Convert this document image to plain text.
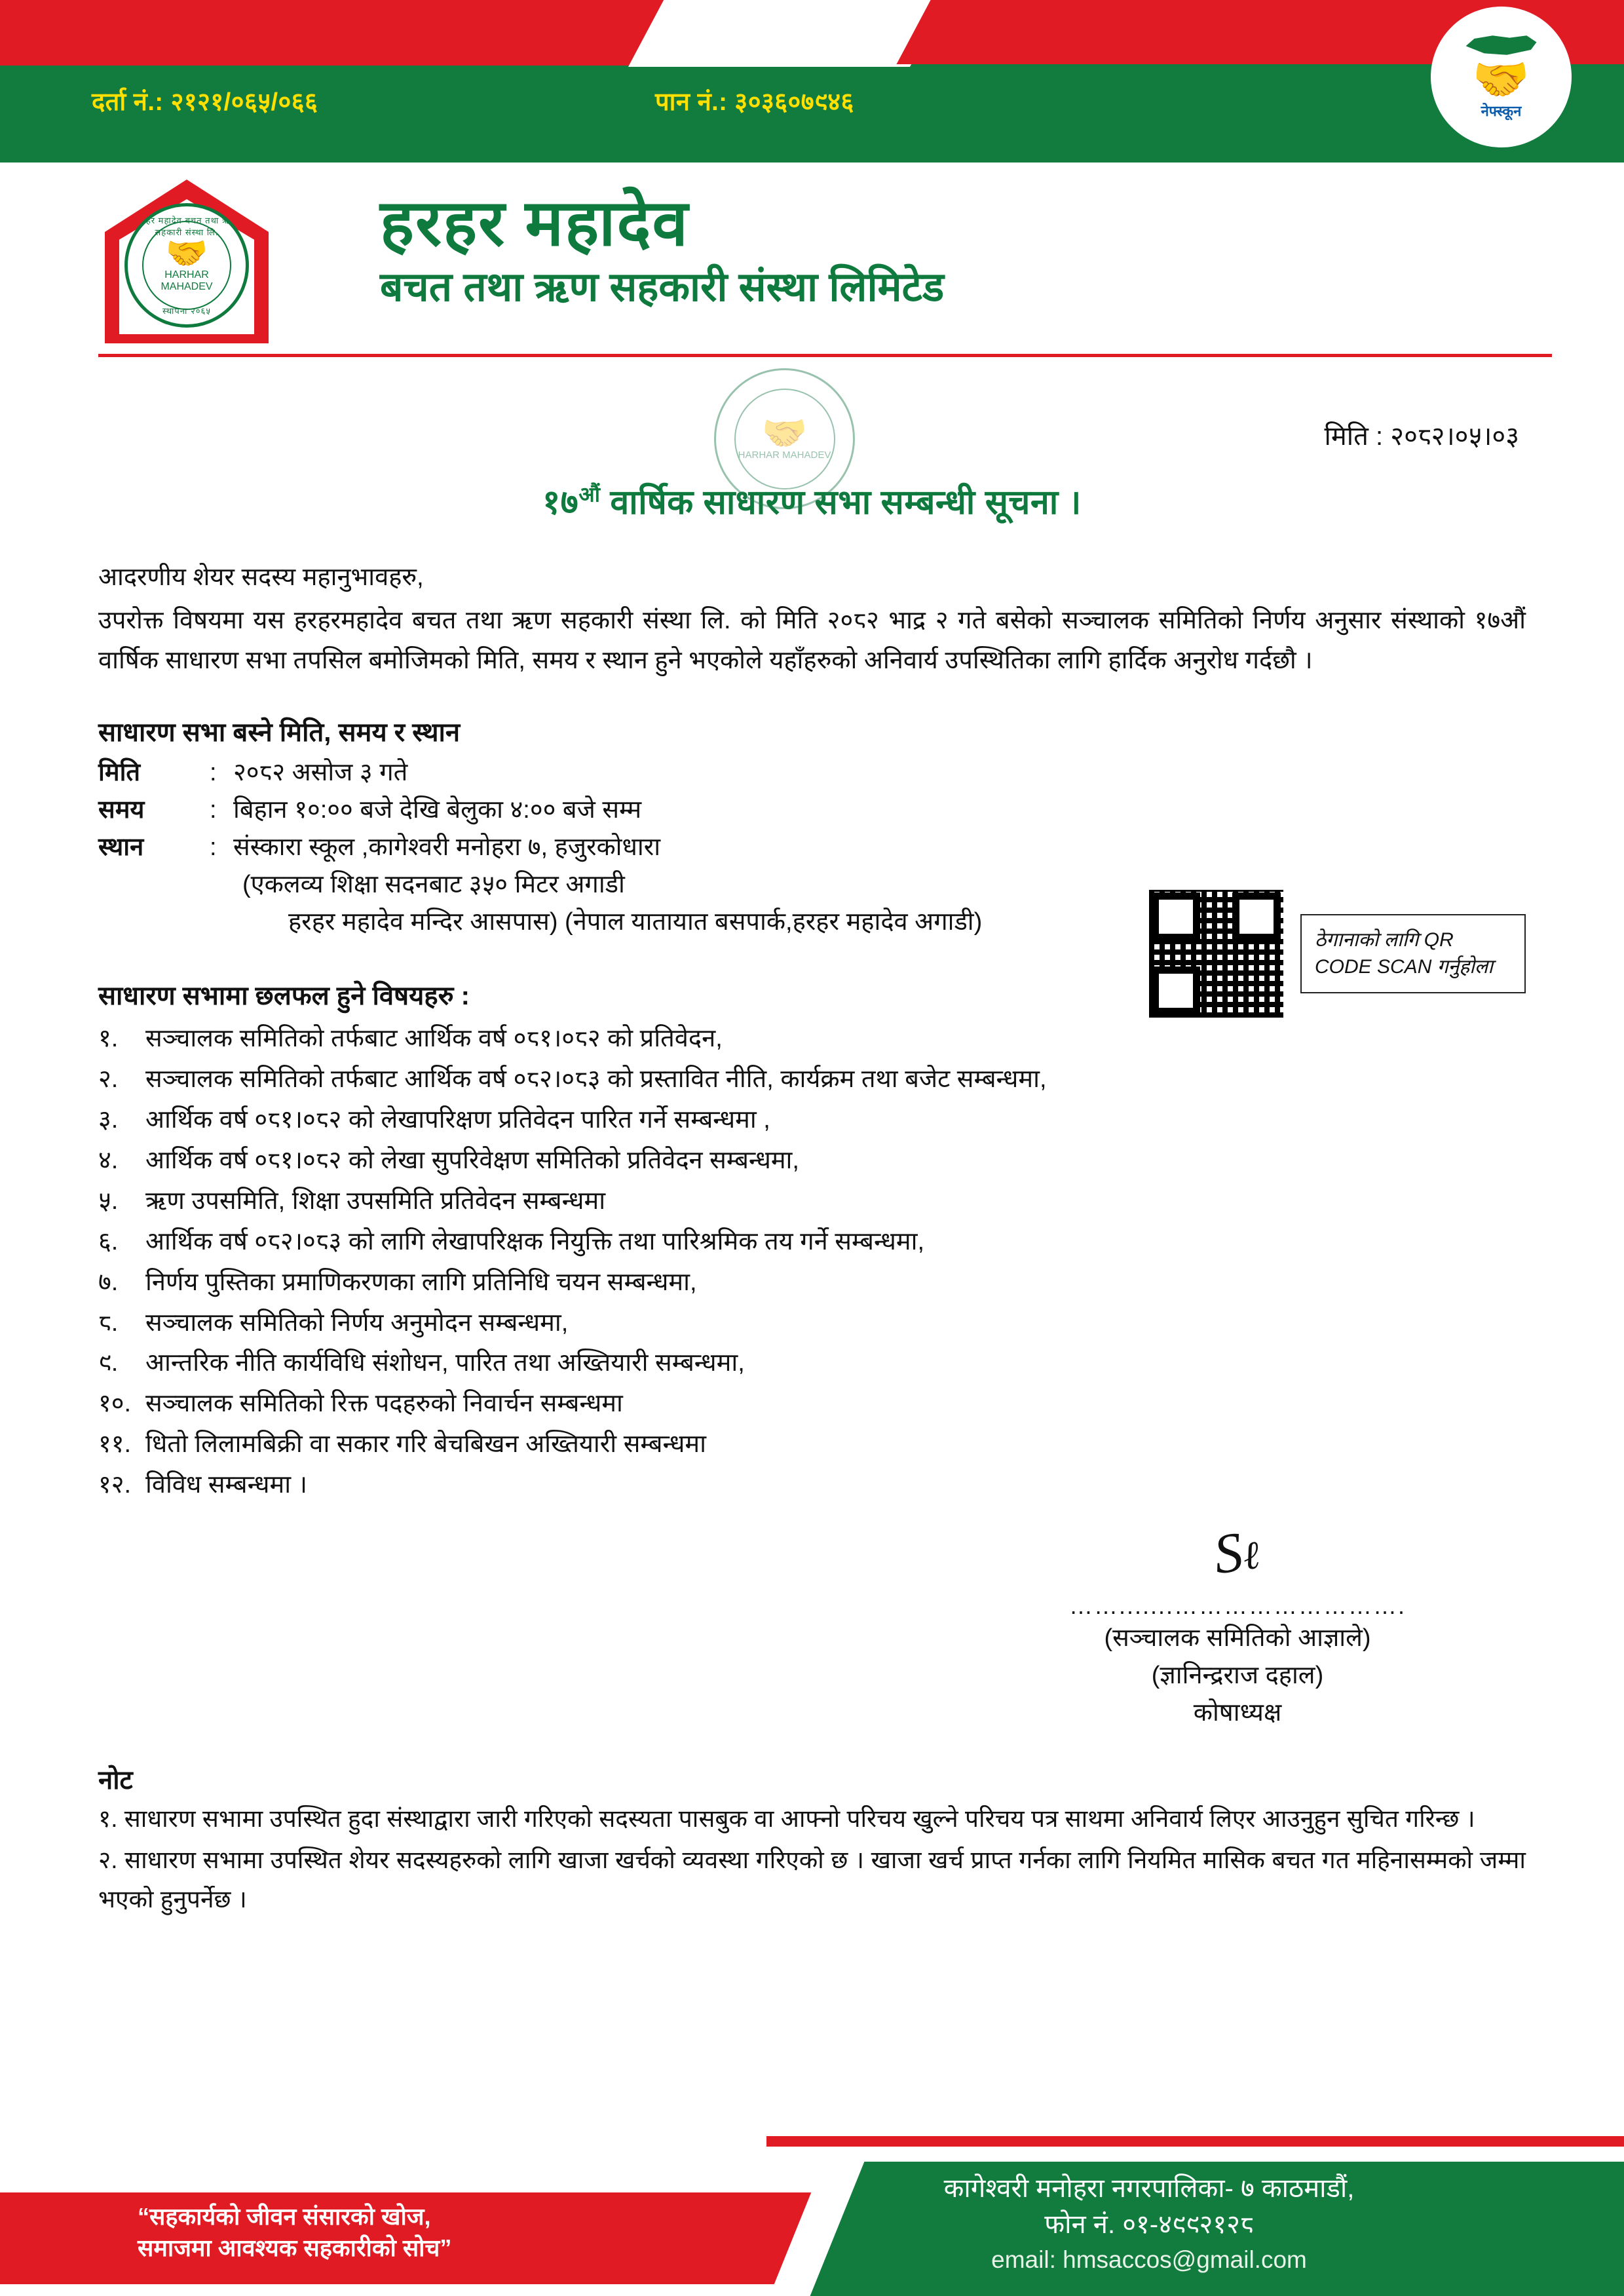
दर्ता नं.: २१२१/०६५/०६६	पान नं.: ३०३६०७९४६	🤝
नेफ्स्कून
हरहर महादेव बचत तथा ऋण सहकारी संस्था लि.
🤝
HARHAR MAHADEV
स्थापना २०६५
हरहर महादेव
बचत तथा ऋण सहकारी संस्था लिमिटेड
🤝
HARHAR MAHADEV
मिति : २०८२।०५।०३
$१७^{औं}$ वार्षिक साधारण सभा सम्बन्धी सूचना ।
आदरणीय शेयर सदस्य महानुभावहरु,
उपरोक्त विषयमा यस हरहरमहादेव बचत तथा ऋण सहकारी संस्था लि. को मिति २०८२ भाद्र २ गते बसेको सञ्चालक समितिको निर्णय अनुसार संस्थाको १७औं वार्षिक साधारण सभा तपसिल बमोजिमको मिति, समय र स्थान हुने भएकोले यहाँहरुको अनिवार्य उपस्थितिका लागि हार्दिक अनुरोध गर्दछौ ।
साधारण सभा बस्ने मिति, समय र स्थान
मिति	: २०८२ असोज ३ गते
समय	: बिहान १०:०० बजे देखि बेलुका ४:०० बजे सम्म
स्थान	: संस्कारा स्कूल ,कागेश्वरी मनोहरा ७, हजुरकोधारा
(एकलव्य शिक्षा सदनबाट ३५० मिटर अगाडी
हरहर महादेव मन्दिर आसपास) (नेपाल यातायात बसपार्क,हरहर महादेव अगाडी)
साधारण सभामा छलफल हुने विषयहरु :
१.	सञ्चालक समितिको तर्फबाट आर्थिक वर्ष ०८१।०८२ को प्रतिवेदन,
२.	सञ्चालक समितिको तर्फबाट आर्थिक वर्ष ०८२।०८३ को प्रस्तावित नीति, कार्यक्रम तथा बजेट सम्बन्धमा,
३.	आर्थिक वर्ष ०८१।०८२ को लेखापरिक्षण प्रतिवेदन पारित गर्ने सम्बन्धमा ,
४.	आर्थिक वर्ष ०८१।०८२ को लेखा सुपरिवेक्षण समितिको प्रतिवेदन सम्बन्धमा,
५.	ऋण उपसमिति, शिक्षा उपसमिति प्रतिवेदन सम्बन्धमा
६.	आर्थिक वर्ष ०८२।०८३ को लागि लेखापरिक्षक नियुक्ति तथा पारिश्रमिक तय गर्ने सम्बन्धमा,
७.	निर्णय पुस्तिका प्रमाणिकरणका लागि प्रतिनिधि चयन सम्बन्धमा,
८.	सञ्चालक समितिको निर्णय अनुमोदन सम्बन्धमा,
९.	आन्तरिक नीति कार्यविधि संशोधन, पारित तथा अख्तियारी सम्बन्धमा,
१०. सञ्चालक समितिको रिक्त पदहरुको निवार्चन सम्बन्धमा
११. धितो लिलामबिक्री वा सकार गरि बेचबिखन अख्तियारी सम्बन्धमा
१२. विविध सम्बन्धमा ।
Sℓ
…….......……………………….
(सञ्चालक समितिको आज्ञाले)
(ज्ञानिन्द्रराज दहाल)
कोषाध्यक्ष
नोट
१. साधारण सभामा उपस्थित हुदा संस्थाद्वारा जारी गरिएको सदस्यता पासबुक वा आफ्नो परिचय खुल्ने परिचय पत्र साथमा अनिवार्य लिएर आउनुहुन सुचित गरिन्छ ।
२. साधारण सभामा उपस्थित शेयर सदस्यहरुको लागि खाजा खर्चको व्यवस्था गरिएको छ । खाजा खर्च प्राप्त गर्नका लागि नियमित मासिक बचत गत महिनासम्मको जम्मा भएको हुनुपर्नेछ ।
ठेगानाको लागि QR CODE SCAN गर्नुहोला
“सहकार्यको जीवन संसारको खोज,
समाजमा आवश्यक सहकारीको सोच”
कागेश्वरी मनोहरा नगरपालिका- ७ काठमाडौं,
फोन नं. ०१-४९९२१२८
email: hmsaccos@gmail.com
